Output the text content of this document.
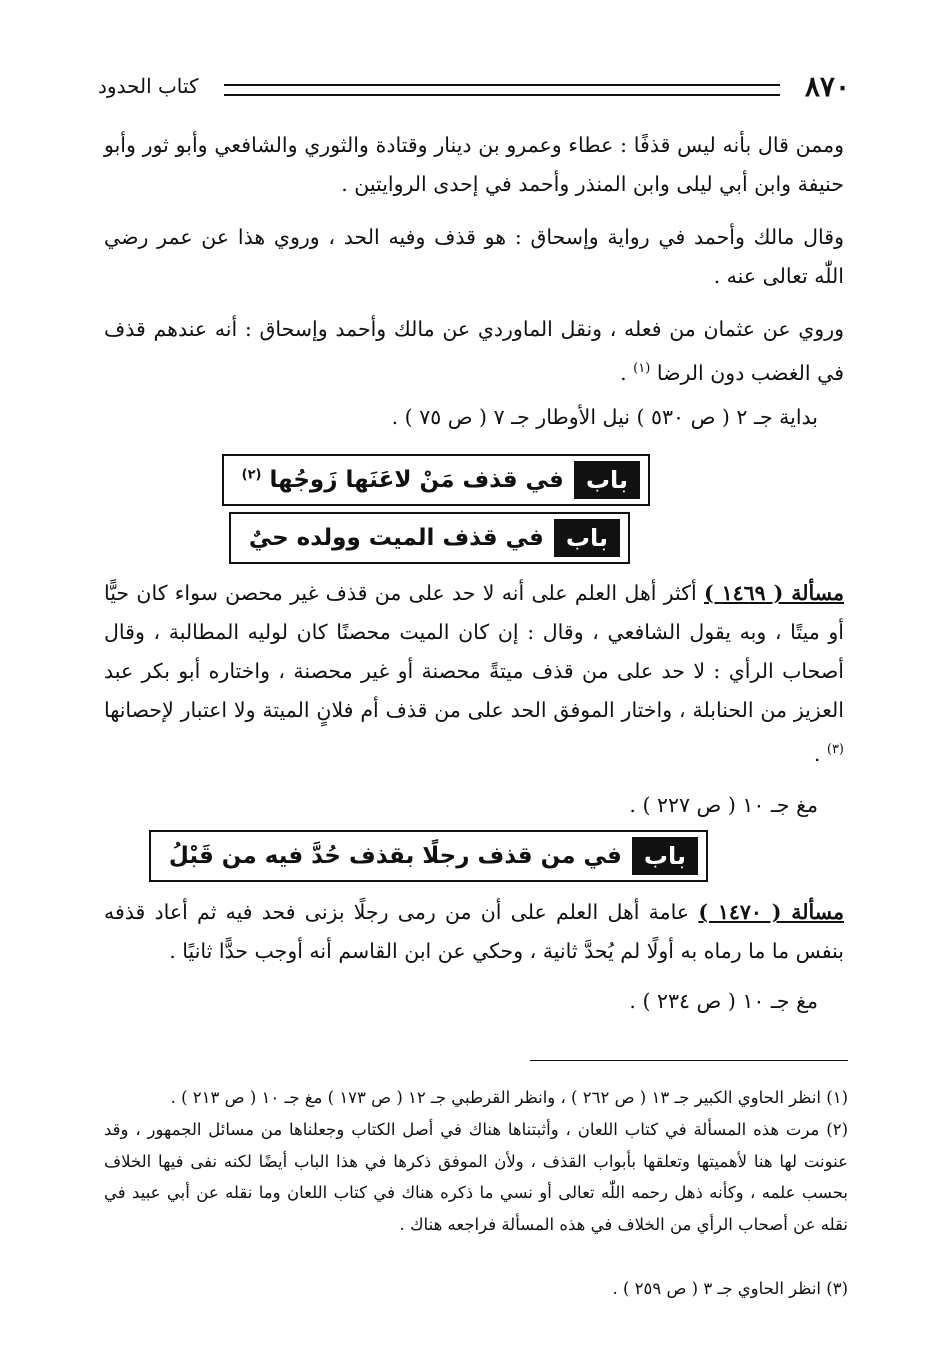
٨٧٠
كتاب الحدود

وممن قال بأنه ليس قذفًا : عطاء وعمرو بن دينار وقتادة والثوري والشافعي وأبو ثور وأبو حنيفة وابن أبي ليلى وابن المنذر وأحمد في إحدى الروايتين .

وقال مالك وأحمد في رواية وإسحاق : هو قذف وفيه الحد ، وروي هذا عن عمر رضي اللّٰه تعالى عنه .

وروي عن عثمان من فعله ، ونقل الماوردي عن مالك وأحمد وإسحاق : أنه عندهم قذف في الغضب دون الرضا $^{(١)}$ .

بداية جـ ٢ ( ص ٥٣٠ ) نيل الأوطار جـ ٧ ( ص ٧٥ ) .
باب
في قذف مَنْ لاعَنَها زَوجُها $^{(٢)}$
باب
في قذف الميت وولده حيٌ

مسألة ( ١٤٦٩ ) أكثر أهل العلم على أنه لا حد على من قذف غير محصن سواء كان حيًّا أو ميتًا ، وبه يقول الشافعي ، وقال : إن كان الميت محصنًا كان لوليه المطالبة ، وقال أصحاب الرأي : لا حد على من قذف ميتةً محصنة أو غير محصنة ، واختاره أبو بكر عبد العزيز من الحنابلة ، واختار الموفق الحد على من قذف أم فلانٍ الميتة ولا اعتبار لإحصانها $^{(٣)}$ .

مغ جـ ١٠ ( ص ٢٢٧ ) .
باب
في من قذف رجلًا بقذف حُدَّ فيه من قَبْلُ

مسألة ( ١٤٧٠ ) عامة أهل العلم على أن من رمى رجلًا بزنى فحد فيه ثم أعاد قذفه بنفس ما ما رماه به أولًا لم يُحدَّ ثانية ، وحكي عن ابن القاسم أنه أوجب حدًّا ثانيًا .

مغ جـ ١٠ ( ص ٢٣٤ ) .

(١) انظر الحاوي الكبير جـ ١٣ ( ص ٢٦٢ ) ، وانظر القرطبي جـ ١٢ ( ص ١٧٣ ) مغ جـ ١٠ ( ص ٢١٣ ) .

(٢) مرت هذه المسألة في كتاب اللعان ، وأثبتناها هناك في أصل الكتاب وجعلناها من مسائل الجمهور ، وقد عنونت لها هنا لأهميتها وتعلقها بأبواب القذف ، ولأن الموفق ذكرها في هذا الباب أيضًا لكنه نفى فيها الخلاف بحسب علمه ، وكأنه ذهل رحمه اللّٰه تعالى أو نسي ما ذكره هناك في كتاب اللعان وما نقله عن أبي عبيد في نقله عن أصحاب الرأي من الخلاف في هذه المسألة فراجعه هناك .

(٣) انظر الحاوي جـ ٣ ( ص ٢٥٩ ) .
